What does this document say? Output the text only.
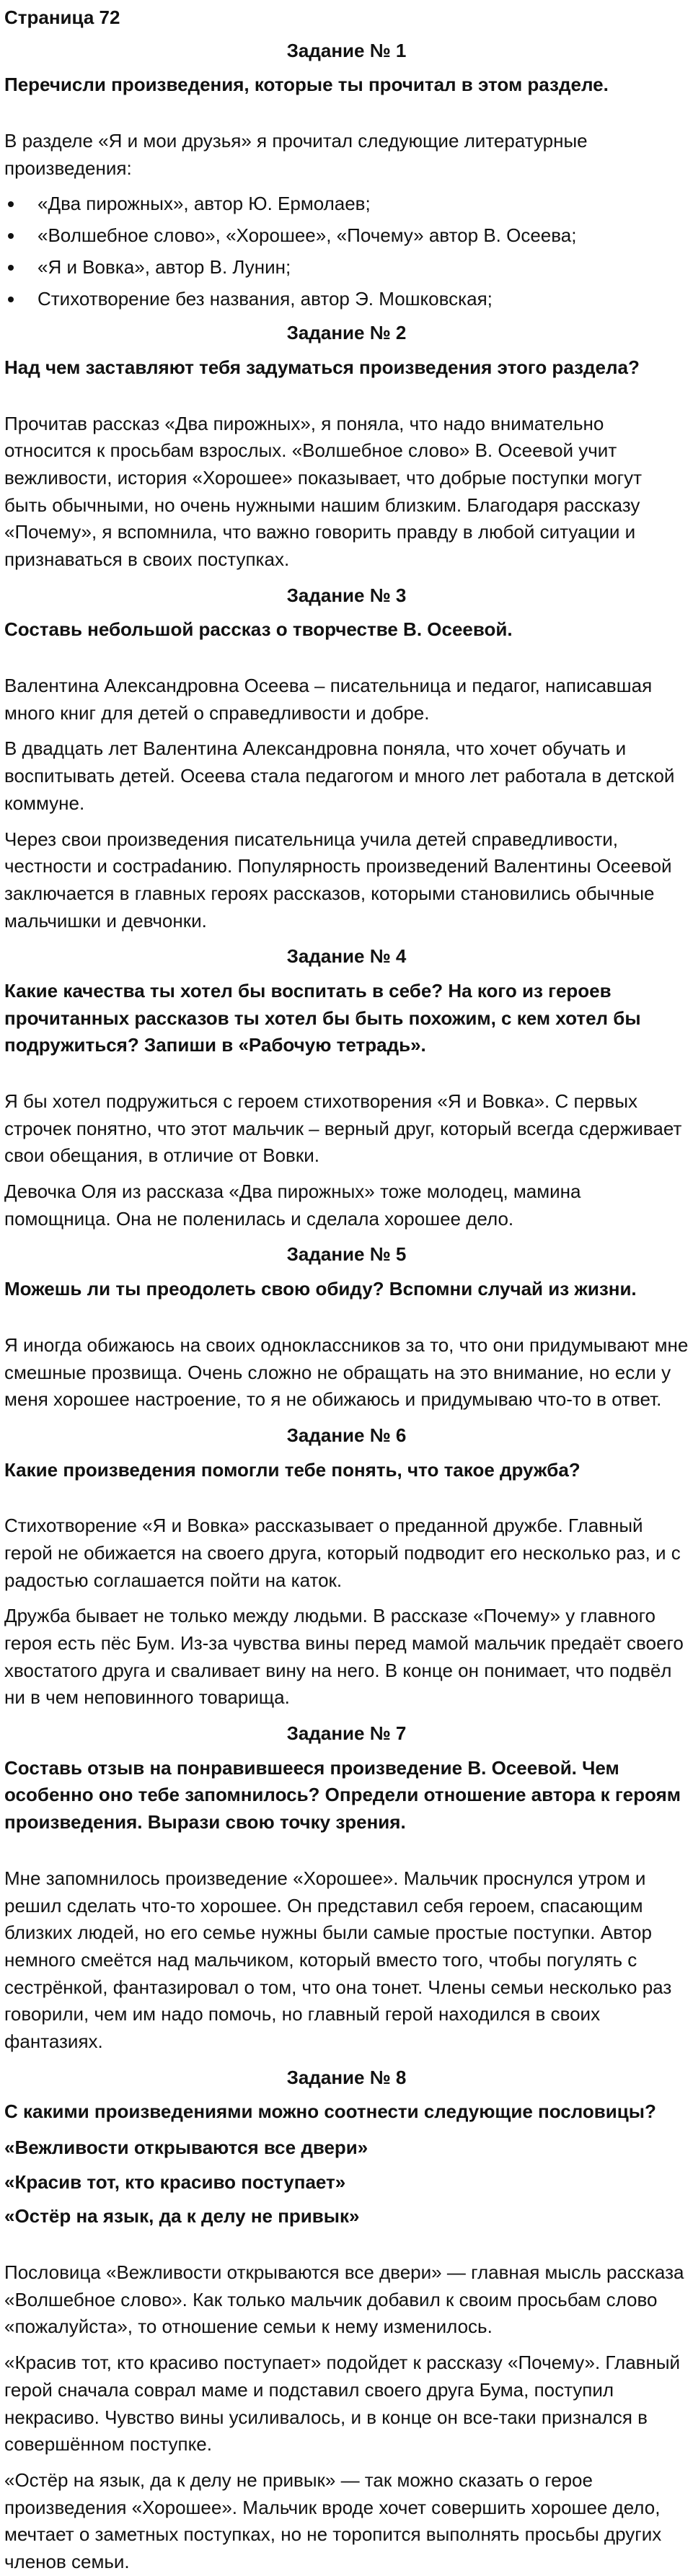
Страница 72
Задание № 1
Перечисли произведения, которые ты прочитал в этом разделе.

В разделе «Я и мои друзья» я прочитал следующие литературные произведения:

• «Два пирожных», автор Ю. Ермолаев;
• «Волшебное слово», «Хорошее», «Почему» автор В. Осеева;
• «Я и Вовка», автор В. Лунин;
• Стихотворение без названия, автор Э. Мошковская;
Задание № 2
Над чем заставляют тебя задуматься произведения этого раздела?

Прочитав рассказ «Два пирожных», я поняла, что надо внимательно относится к просьбам взрослых. «Волшебное слово» В. Осеевой учит вежливости, история «Хорошее» показывает, что добрые поступки могут быть обычными, но очень нужными нашим близким. Благодаря рассказу «Почему», я вспомнила, что важно говорить правду в любой ситуации и признаваться в своих поступках.

Задание № 3
Составь небольшой рассказ о творчестве В. Осеевой.

Валентина Александровна Осеева – писательница и педагог, написавшая много книг для детей о справедливости и добре.

В двадцать лет Валентина Александровна поняла, что хочет обучать и воспитывать детей. Осеева стала педагогом и много лет работала в детской коммуне.

Через свои произведения писательница учила детей справедливости, честности и сострadaнию. Популярность произведений Валентины Осеевой заключается в главных героях рассказов, которыми становились обычные мальчишки и девчонки.

Задание № 4
Какие качества ты хотел бы воспитать в себе? На кого из героев прочитанных рассказов ты хотел бы быть похожим, с кем хотел бы подружиться? Запиши в «Рабочую тетрадь».

Я бы хотел подружиться с героем стихотворения «Я и Вовка». С первых строчек понятно, что этот мальчик – верный друг, который всегда сдерживает свои обещания, в отличие от Вовки.

Девочка Оля из рассказа «Два пирожных» тоже молодец, мамина помощница. Она не поленилась и сделала хорошее дело.

Задание № 5
Можешь ли ты преодолеть свою обиду? Вспомни случай из жизни.

Я иногда обижаюсь на своих одноклассников за то, что они придумывают мне смешные прозвища. Очень сложно не обращать на это внимание, но если у меня хорошее настроение, то я не обижаюсь и придумываю что-то в ответ.

Задание № 6
Какие произведения помогли тебе понять, что такое дружба?

Стихотворение «Я и Вовка» рассказывает о преданной дружбе. Главный герой не обижается на своего друга, который подводит его несколько раз, и с радостью соглашается пойти на каток.

Дружба бывает не только между людьми. В рассказе «Почему» у главного героя есть пёс Бум. Из-за чувства вины перед мамой мальчик предаёт своего хвостатого друга и сваливает вину на него. В конце он понимает, что подвёл ни в чем неповинного товарища.

Задание № 7
Составь отзыв на понравившееся произведение В. Осеевой. Чем особенно оно тебе запомнилось? Определи отношение автора к героям произведения. Вырази свою точку зрения.

Мне запомнилось произведение «Хорошее». Мальчик проснулся утром и решил сделать что-то хорошее. Он представил себя героем, спасающим близких людей, но его семье нужны были самые простые поступки. Автор немного смеётся над мальчиком, который вместо того, чтобы погулять с сестрёнкой, фантазировал о том, что она тонет. Члены семьи несколько раз говорили, чем им надо помочь, но главный герой находился в своих фантазиях.

Задание № 8
С какими произведениями можно соотнести следующие пословицы?
«Вежливости открываются все двери»
«Красив тот, кто красиво поступает»
«Остёр на язык, да к делу не привык»

Пословица «Вежливости открываются все двери» — главная мысль рассказа «Волшебное слово». Как только мальчик добавил к своим просьбам слово «пожалуйста», то отношение семьи к нему изменилось.

«Красив тот, кто красиво поступает» подойдет к рассказу «Почему». Главный герой сначала соврал маме и подставил своего друга Бума, поступил некрасиво. Чувство вины усиливалось, и в конце он все-таки признался в совершённом поступке.

«Остёр на язык, да к делу не привык» — так можно сказать о герое произведения «Хорошее». Мальчик вроде хочет совершить хорошее дело, мечтает о заметных поступках, но не торопится выполнять просьбы других членов семьи.
